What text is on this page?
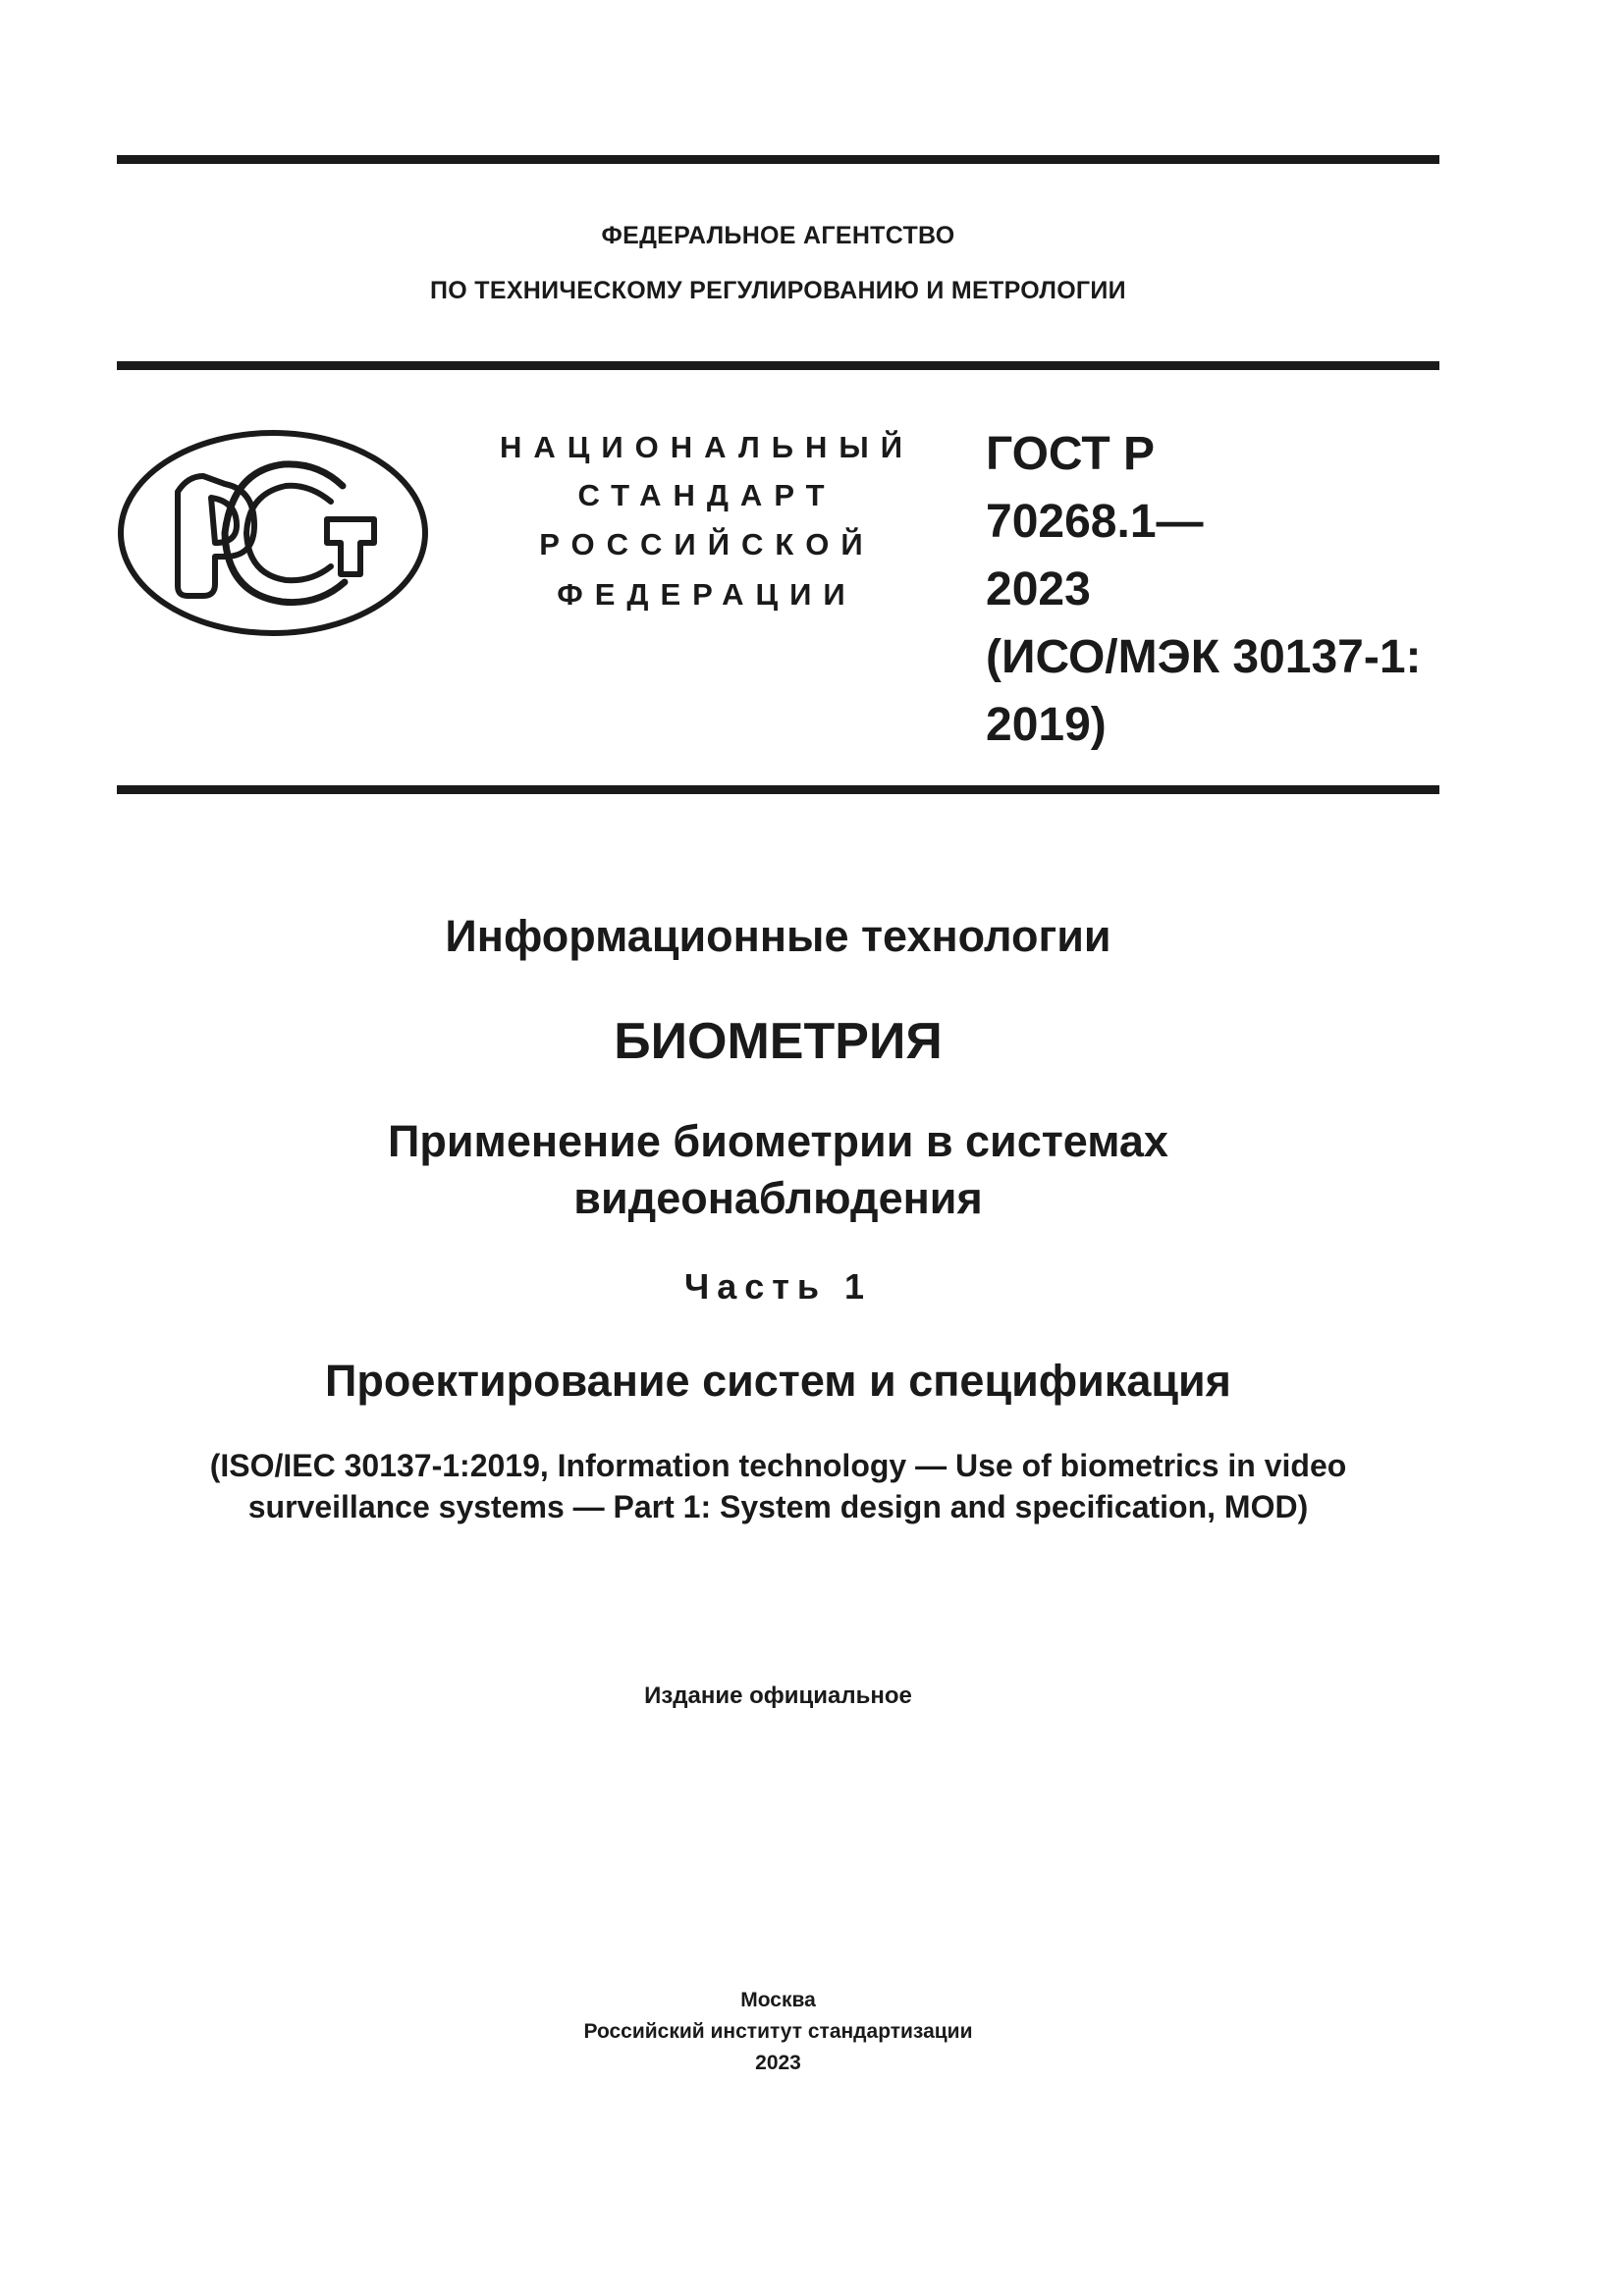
ФЕДЕРАЛЬНОЕ АГЕНТСТВО
ПО ТЕХНИЧЕСКОМУ РЕГУЛИРОВАНИЮ И МЕТРОЛОГИИ
НАЦИОНАЛЬНЫЙ
СТАНДАРТ
РОССИЙСКОЙ
ФЕДЕРАЦИИ
ГОСТ Р
70268.1—
2023
(ИСО/МЭК 30137-1:
2019)
Информационные технологии
БИОМЕТРИЯ
Применение биометрии в системах
видеонаблюдения
Часть 1
Проектирование систем и спецификация
(ISO/IEC 30137-1:2019, Information technology — Use of biometrics in video
surveillance systems — Part 1: System design and specification, MOD)
Издание официальное
Москва
Российский институт стандартизации
2023
